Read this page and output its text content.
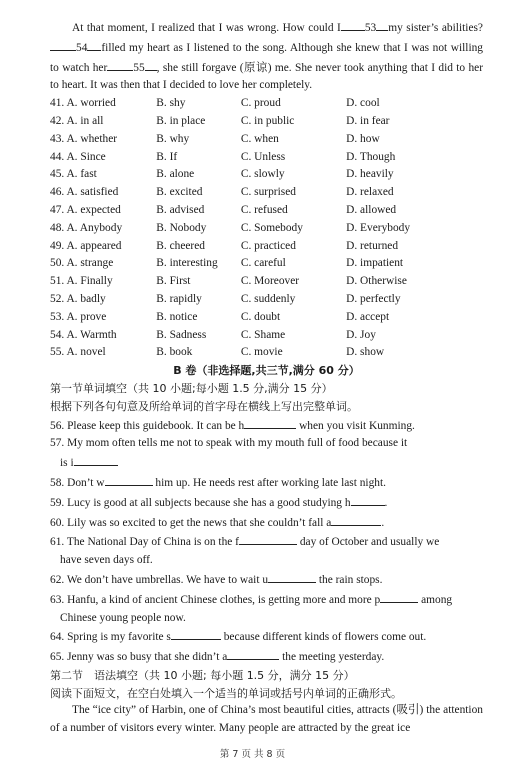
At that moment, I realized that I was wrong. How could I 53 my sister’s abilities?54 filled my heart as I listened to the song. Although she knew that I was not willing to watch her 55 , she still forgave (原谅) me. She never took anything that I did to her to heart. It was then that I decided to love her completely.

41. A. worried	B. shy	C. proud	D. cool
42. A. in all	B. in place	C. in public	D. in fear
43. A. whether	B. why	C. when	D. how
44. A. Since	B. If	C. Unless	D. Though
45. A. fast	B. alone	C. slowly	D. heavily
46. A. satisfied	B. excited	C. surprised	D. relaxed
47. A. expected	B. advised	C. refused	D. allowed
48. A. Anybody	B. Nobody	C. Somebody	D. Everybody
49. A. appeared	B. cheered	C. practiced	D. returned
50. A. strange	B. interesting	C. careful	D. impatient
51. A. Finally	B. First	C. Moreover	D. Otherwise
52. A. badly	B. rapidly	C. suddenly	D. perfectly
53. A. prove	B. notice	C. doubt	D. accept
54. A. Warmth	B. Sadness	C. Shame	D. Joy
55. A. novel	B. book	C. movie	D. show

B 卷（非选择题,共三节,满分 60 分）

第一节单词填空（共 10 小题;每小题 1.5 分,满分 15 分）

根据下列各句句意及所给单词的首字母在横线上写出完整单词。

56. Please keep this guidebook. It can be h	when you visit Kunming.

57. My mom often tells me not to speak with my mouth full of food because it
is i

58. Don’t w	him up. He needs rest after working late last night.

59. Lucy is good at all subjects because she has a good studying h	.

60. Lily was so excited to get the news that she couldn’t fall a	.

61. The National Day of China is on the f	day of October and usually we
have seven days off.

62. We don’t have umbrellas. We have to wait u	the rain stops.

63. Hanfu, a kind of ancient Chinese clothes, is getting more and more p	among
Chinese young people now.

64. Spring is my favorite s	because different kinds of flowers come out.

65. Jenny was so busy that she didn’t a	the meeting yesterday.

第二节　语法填空（共 10 小题; 每小题 1.5 分，满分 15 分）

阅读下面短文，在空白处填入一个适当的单词或括号内单词的正确形式。

The “ice city” of Harbin, one of China’s most beautiful cities, attracts (吸引) the attention of a number of visitors every winter. Many people are attracted by the great ice

第 7 页 共 8 页
